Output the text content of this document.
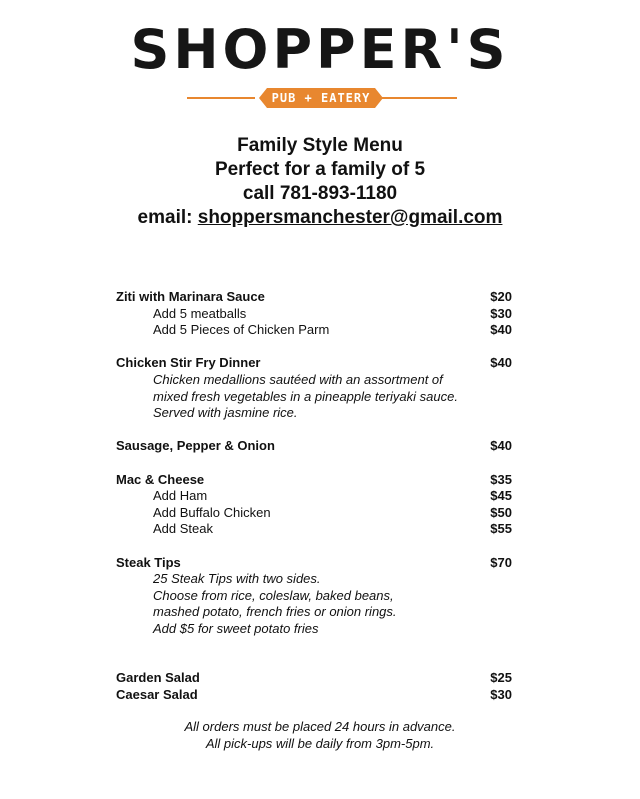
SHOPPER'S
PUB + EATERY
Family Style Menu
Perfect for a family of 5
call 781-893-1180
email: shoppersmanchester@gmail.com
Ziti with Marinara Sauce	$20
Add 5 meatballs	$30
Add 5 Pieces of Chicken Parm	$40
Chicken Stir Fry Dinner	$40
Chicken medallions sautéed with an assortment of
mixed fresh vegetables in a pineapple teriyaki sauce.
Served with jasmine rice.
Sausage, Pepper & Onion	$40
Mac & Cheese	$35
Add Ham	$45
Add Buffalo Chicken	$50
Add Steak	$55
Steak Tips	$70
25 Steak Tips with two sides.
Choose from rice, coleslaw, baked beans,
mashed potato, french fries or onion rings.
Add $5 for sweet potato fries
Garden Salad	$25
Caesar Salad	$30
All orders must be placed 24 hours in advance.
All pick-ups will be daily from 3pm-5pm.
